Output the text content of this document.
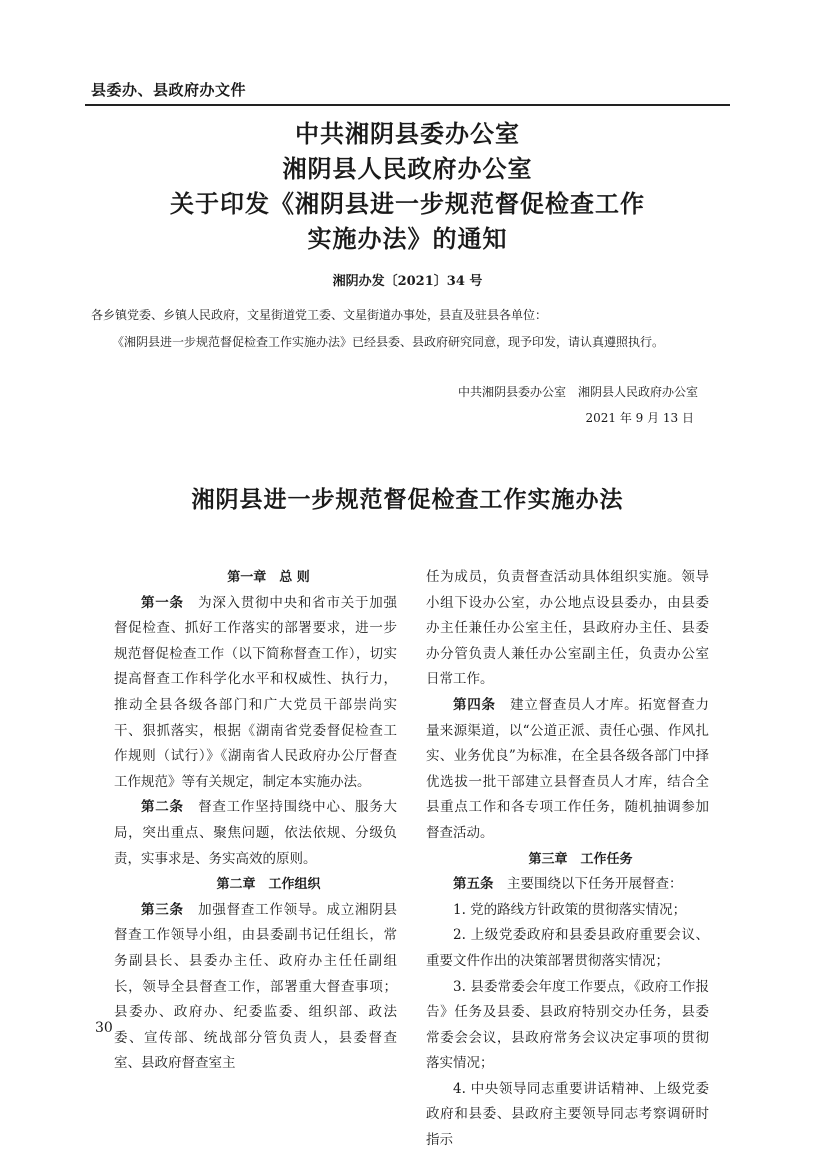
县委办、县政府办文件
中共湘阴县委办公室
湘阴县人民政府办公室
关于印发《湘阴县进一步规范督促检查工作
实施办法》的通知
湘阴办发〔2021〕34 号
各乡镇党委、乡镇人民政府，文星街道党工委、文星街道办事处，县直及驻县各单位：
《湘阴县进一步规范督促检查工作实施办法》已经县委、县政府研究同意，现予印发，请认真遵照执行。
中共湘阴县委办公室　湘阴县人民政府办公室
2021 年 9 月 13 日
湘阴县进一步规范督促检查工作实施办法

第一章　总 则

第一条　 为深入贯彻中央和省市关于加强督促检查、抓好工作落实的部署要求，进一步规范督促检查工作（以下简称督查工作），切实提高督查工作科学化水平和权威性、执行力，推动全县各级各部门和广大党员干部崇尚实干、狠抓落实，根据《湖南省党委督促检查工作规则（试行）》《湖南省人民政府办公厅督查工作规范》等有关规定，制定本实施办法。

第二条　 督查工作坚持围绕中心、服务大局，突出重点、聚焦问题，依法依规、分级负责，实事求是、务实高效的原则。

第二章　工作组织

第三条　 加强督查工作领导。成立湘阴县督查工作领导小组，由县委副书记任组长，常务副县长、县委办主任、政府办主任任副组长，领导全县督查工作，部署重大督查事项；县委办、政府办、纪委监委、组织部、政法委、宣传部、统战部分管负责人，县委督查室、县政府督查室主

任为成员，负责督查活动具体组织实施。领导小组下设办公室，办公地点设县委办，由县委办主任兼任办公室主任，县政府办主任、县委办分管负责人兼任办公室副主任，负责办公室日常工作。

第四条　 建立督查员人才库。拓宽督查力量来源渠道，以“公道正派、责任心强、作风扎实、业务优良”为标准，在全县各级各部门中择优选拔一批干部建立县督查员人才库，结合全县重点工作和各专项工作任务，随机抽调参加督查活动。

第三章　工作任务

第五条　 主要围绕以下任务开展督查：

1. 党的路线方针政策的贯彻落实情况；

2. 上级党委政府和县委县政府重要会议、重要文件作出的决策部署贯彻落实情况；

3. 县委常委会年度工作要点，《政府工作报告》任务及县委、县政府特别交办任务，县委常委会会议，县政府常务会议决定事项的贯彻落实情况；

4. 中央领导同志重要讲话精神、上级党委政府和县委、县政府主要领导同志考察调研时指示

30
